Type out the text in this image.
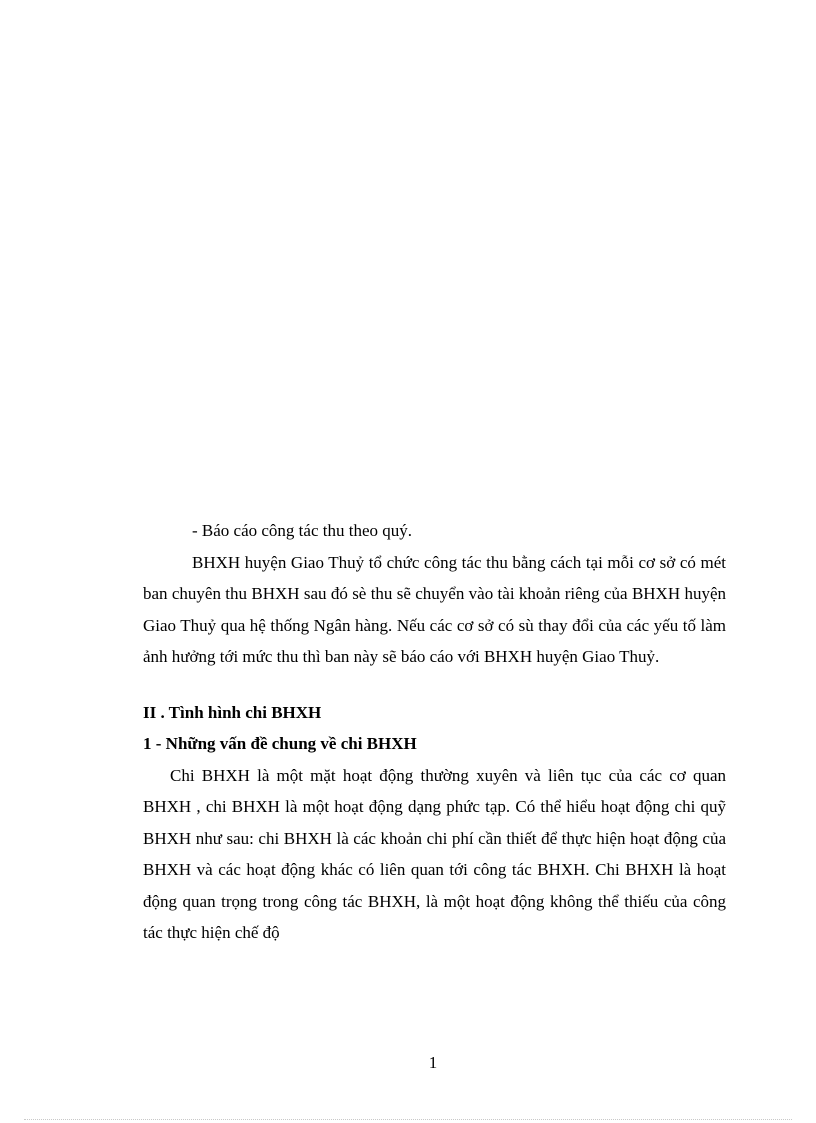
- Báo cáo công tác thu theo quý.

BHXH huyện Giao Thuỷ tổ chức công tác thu bằng cách tại mỗi cơ sở có mét ban chuyên thu BHXH sau đó sè thu sẽ chuyển vào tài khoản riêng của BHXH huyện Giao Thuỷ qua hệ thống Ngân hàng. Nếu các cơ sở có sù thay đổi của các yếu tố làm ảnh hưởng tới mức thu thì ban này sẽ báo cáo với BHXH huyện Giao Thuỷ.

II . Tình hình chi BHXH

1 - Những vấn đề chung về chi BHXH

Chi BHXH là một mặt hoạt động thường xuyên và liên tục của các cơ quan BHXH , chi BHXH là một hoạt động dạng phức tạp. Có thể hiểu hoạt động chi quỹ BHXH như sau: chi BHXH là các khoản chi phí cần thiết để thực hiện hoạt động của BHXH và các hoạt động khác có liên quan tới công tác BHXH. Chi BHXH là hoạt động quan trọng trong công tác BHXH, là một hoạt động không thể thiếu của công tác thực hiện chế độ

1
